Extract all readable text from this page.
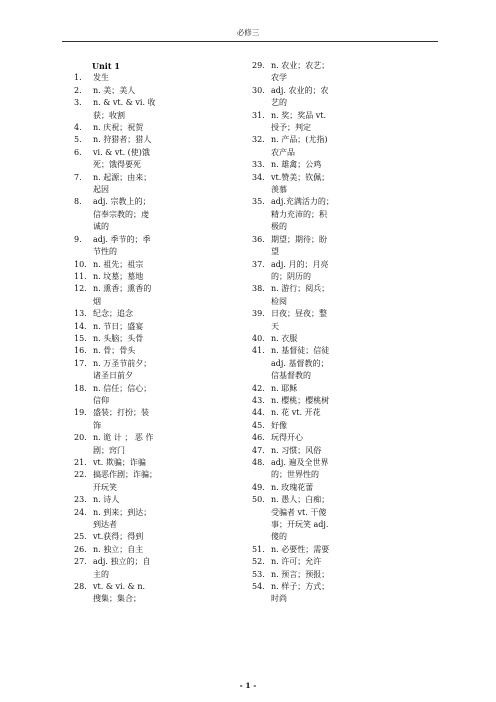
必修三
Unit 1
1.	发生
2.	n. 美；美人
3.	n. & vt. & vi. 收
获；收割
4.	n. 庆祝；祝贺
5.	n. 狩猎者；猎人
6.	vi. & vt. (使)饿
死；饿得要死
7.	n. 起源；由来；
起因
8.	adj. 宗教上的；
信奉宗教的；虔
诚的
9.	adj. 季节的；季
节性的
10. n. 祖先；祖宗
11. n. 坟墓；墓地
12. n. 熏香；熏香的
烟
13. 纪念；追念
14. n. 节日；盛宴
15. n. 头脑；头骨
16. n. 骨；骨头
17. n. 万圣节前夕；
诸圣日前夕
18. n. 信任；信心；
信仰
19. 盛装；打扮；装
饰
20. n. 诡 计 ； 恶 作
剧；窍门
21. vt. 欺骗；诈骗
22. 搞恶作剧；诈骗；
开玩笑
23. n. 诗人
24. n. 到来；到达；
到达者
25. vt.获得；得到
26. n. 独立；自主
27. adj. 独立的；自
主的
28. vt. & vi. & n.
搜集；集合；
29. n. 农业；农艺；
农学
30. adj. 农业的；农
艺的
31. n. 奖；奖品 vt.
授予；判定
32. n. 产品；(尤指)
农产品
33. n. 雄禽；公鸡
34. vt.赞美；钦佩；
羡慕
35. adj.充满活力的；
精力充沛的；积
极的
36. 期望；期待；盼
望
37. adj. 月的；月亮
的；阴历的
38. n. 游行；阅兵；
检阅
39. 日夜；昼夜；整
天
40. n. 衣服
41. n. 基督徒；信徒
adj. 基督教的；
信基督教的
42. n. 耶稣
43. n. 樱桃；樱桃树
44. n. 花 vt. 开花
45. 好像
46. 玩得开心
47. n. 习惯；风俗
48. adj. 遍及全世界
的；世界性的
49. n. 玫瑰花蕾
50. n. 愚人；白痴；
受骗者 vt. 干傻
事；开玩笑 adj.
傻的
51. n. 必要性；需要
52. n. 许可；允许
53. n. 预言；预报；
54. n. 样子；方式；
时尚
- 1 -
